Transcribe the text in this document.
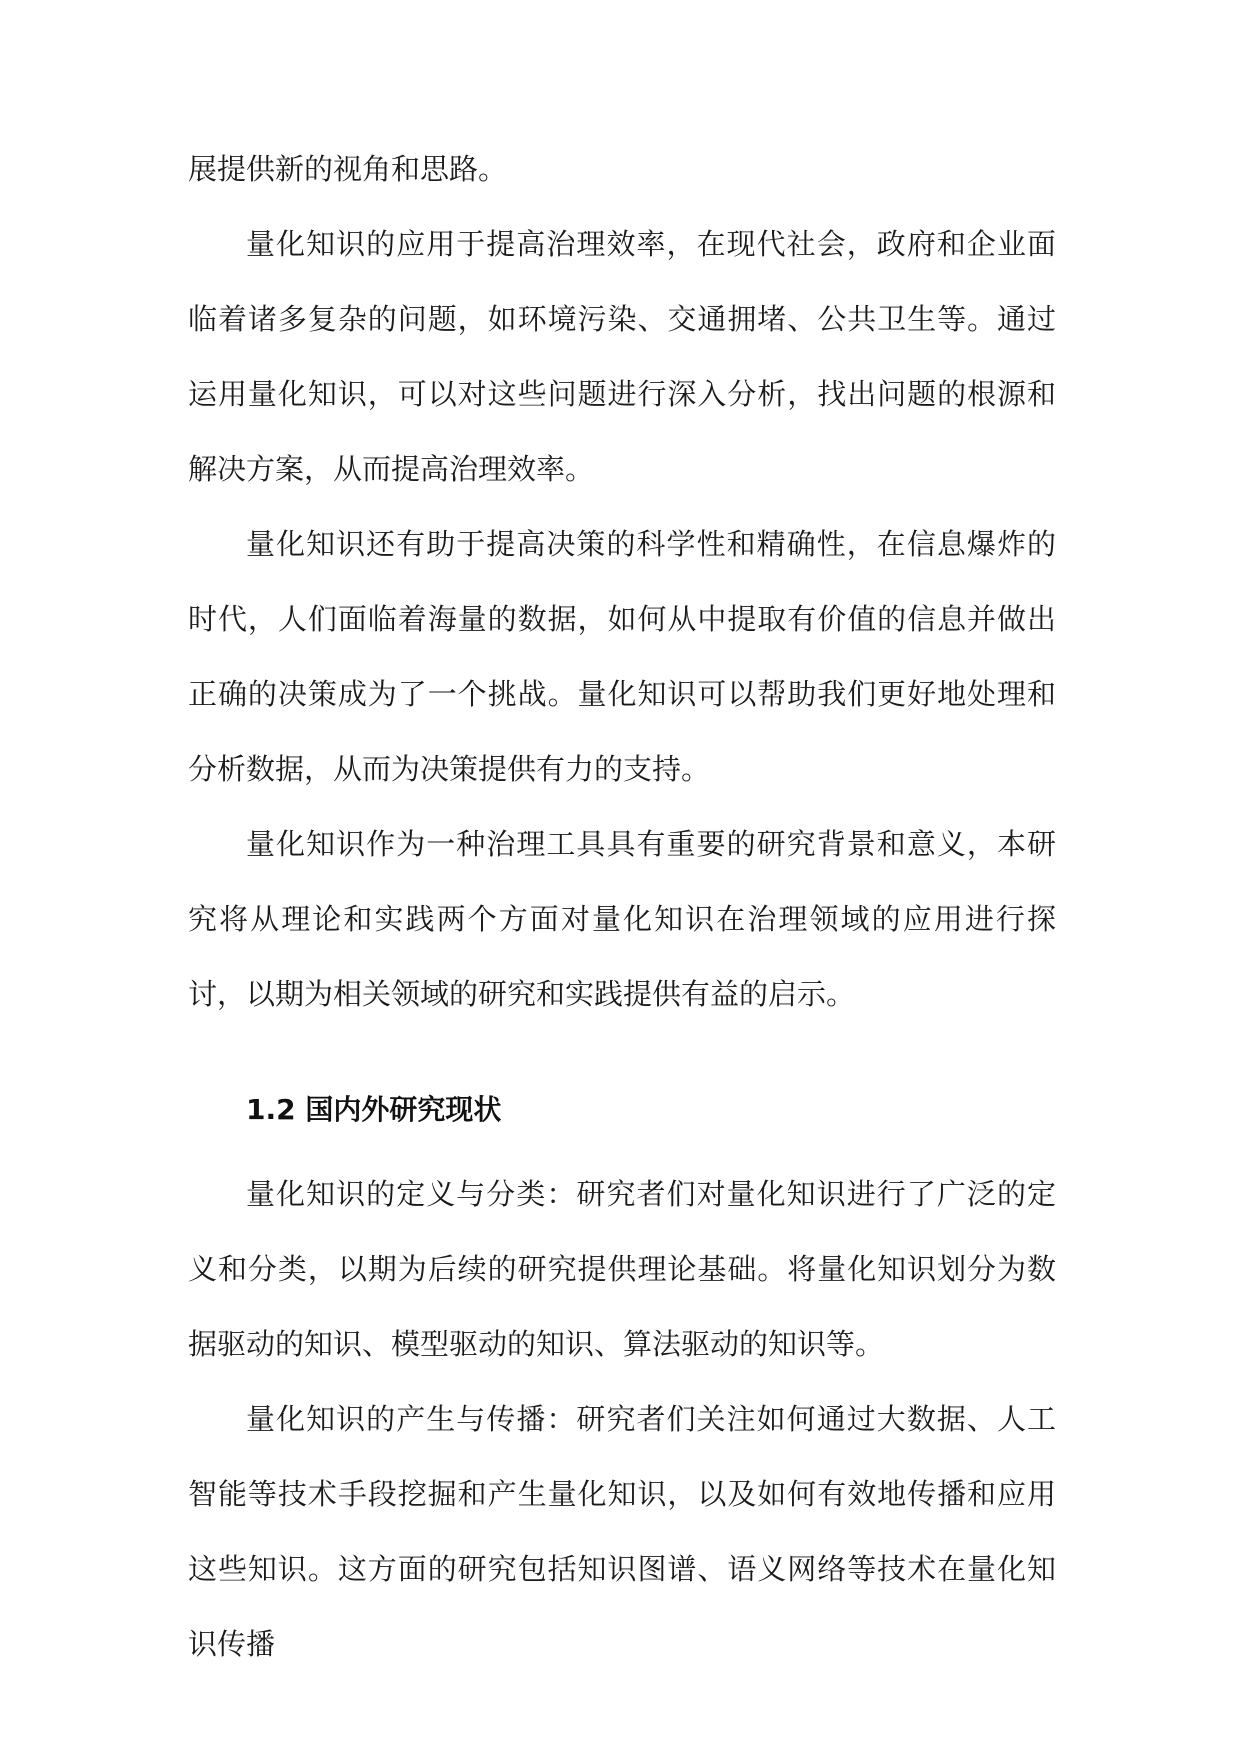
展提供新的视角和思路。

量化知识的应用于提高治理效率，在现代社会，政府和企业面临着诸多复杂的问题，如环境污染、交通拥堵、公共卫生等。通过运用量化知识，可以对这些问题进行深入分析，找出问题的根源和解决方案，从而提高治理效率。

量化知识还有助于提高决策的科学性和精确性，在信息爆炸的时代，人们面临着海量的数据，如何从中提取有价值的信息并做出正确的决策成为了一个挑战。量化知识可以帮助我们更好地处理和分析数据，从而为决策提供有力的支持。

量化知识作为一种治理工具具有重要的研究背景和意义，本研究将从理论和实践两个方面对量化知识在治理领域的应用进行探讨，以期为相关领域的研究和实践提供有益的启示。

1.2 国内外研究现状

量化知识的定义与分类：研究者们对量化知识进行了广泛的定义和分类，以期为后续的研究提供理论基础。将量化知识划分为数据驱动的知识、模型驱动的知识、算法驱动的知识等。

量化知识的产生与传播：研究者们关注如何通过大数据、人工智能等技术手段挖掘和产生量化知识，以及如何有效地传播和应用这些知识。这方面的研究包括知识图谱、语义网络等技术在量化知识传播
